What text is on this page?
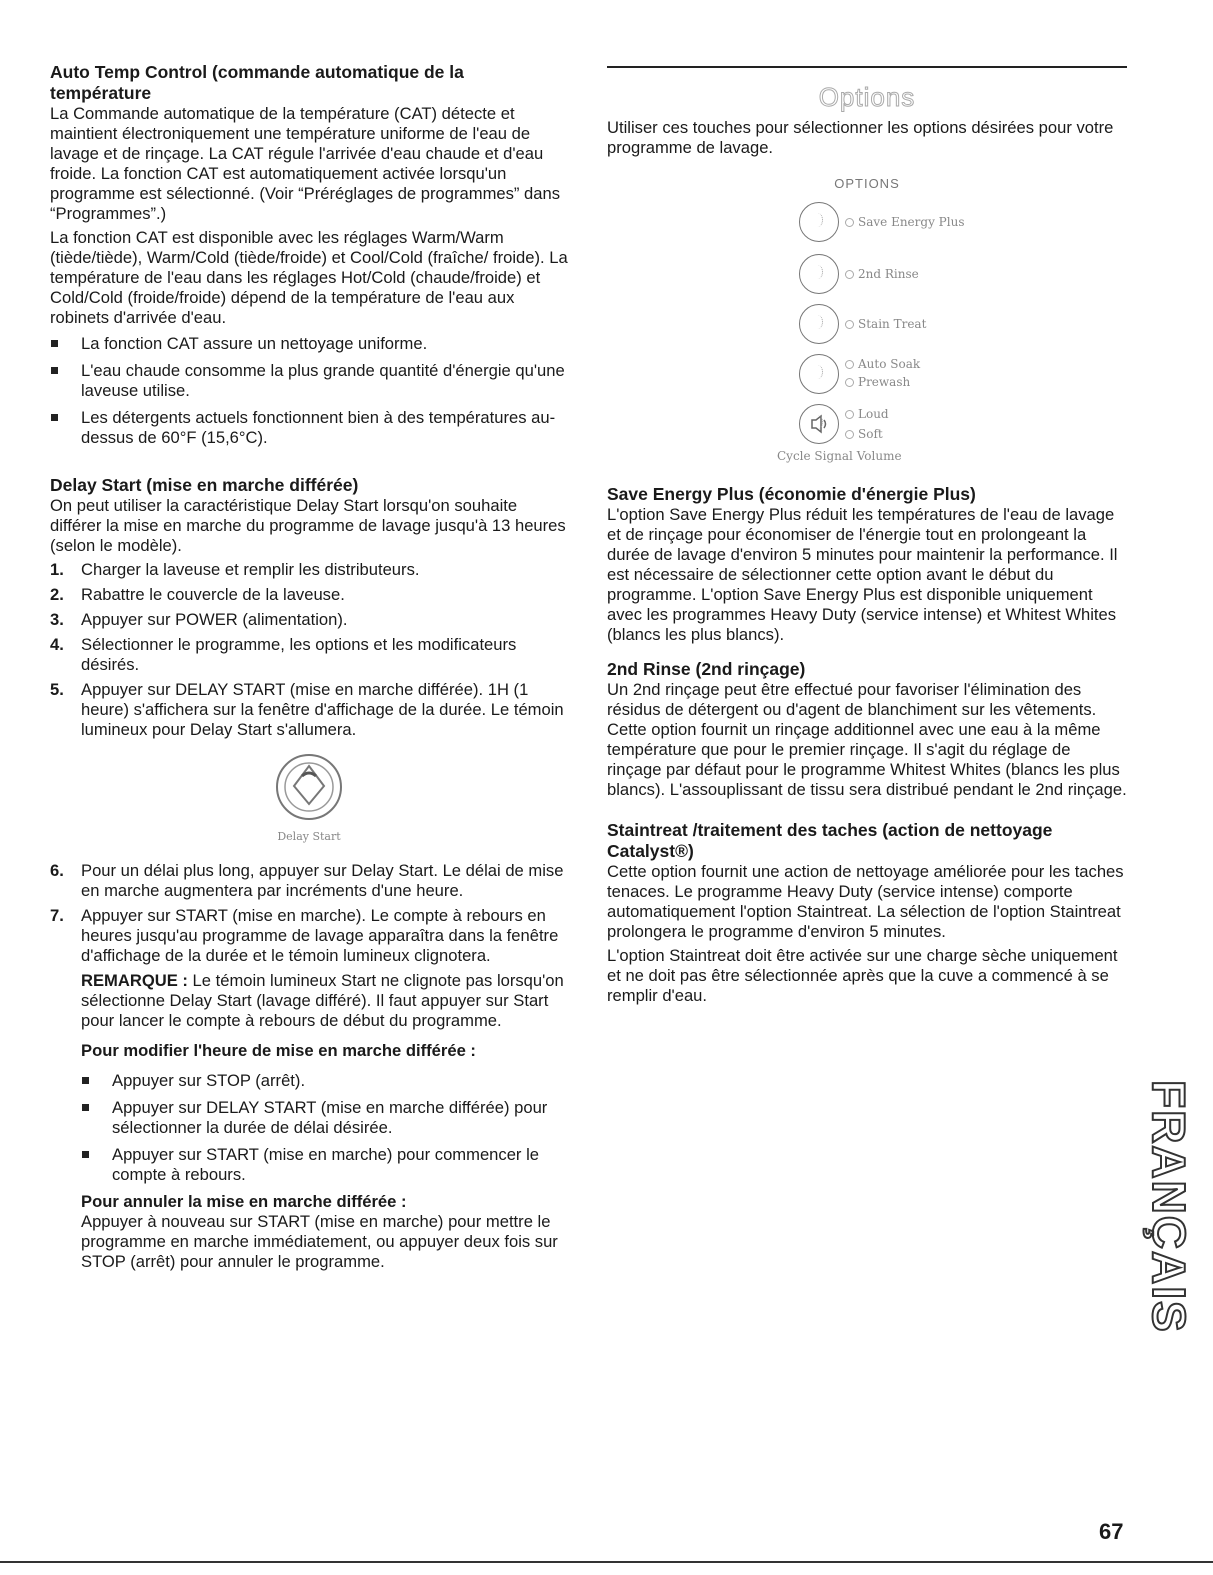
Auto Temp Control (commande automatique de la température

La Commande automatique de la température (CAT) détecte et maintient électroniquement une température uniforme de l'eau de lavage et de rinçage. La CAT régule l'arrivée d'eau chaude et d'eau froide. La fonction CAT est automatiquement activée lorsqu'un programme est sélectionné. (Voir “Préréglages de programmes” dans “Programmes”.)

La fonction CAT est disponible avec les réglages Warm/Warm (tiède/tiède), Warm/Cold (tiède/froide) et Cool/Cold (fraîche/ froide). La température de l'eau dans les réglages Hot/Cold (chaude/froide) et Cold/Cold (froide/froide) dépend de la température de l'eau aux robinets d'arrivée d'eau.

La fonction CAT assure un nettoyage uniforme.
L'eau chaude consomme la plus grande quantité d'énergie qu'une laveuse utilise.
Les détergents actuels fonctionnent bien à des températures au-dessus de 60°F (15,6°C).
Delay Start (mise en marche différée)

On peut utiliser la caractéristique Delay Start lorsqu'on souhaite différer la mise en marche du programme de lavage jusqu'à 13 heures (selon le modèle).

1. Charger la laveuse et remplir les distributeurs.
2. Rabattre le couvercle de la laveuse.
3. Appuyer sur POWER (alimentation).
4. Sélectionner le programme, les options et les modificateurs désirés.
5. Appuyer sur DELAY START (mise en marche différée). 1H (1 heure) s'affichera sur la fenêtre d'affichage de la durée. Le témoin lumineux pour Delay Start s'allumera.
Delay Start
6. Pour un délai plus long, appuyer sur Delay Start. Le délai de mise en marche augmentera par incréments d'une heure.
7. Appuyer sur START (mise en marche). Le compte à rebours en heures jusqu'au programme de lavage apparaîtra dans la fenêtre d'affichage de la durée et le témoin lumineux clignotera.

REMARQUE : Le témoin lumineux Start ne clignote pas lorsqu'on sélectionne Delay Start (lavage différé). Il faut appuyer sur Start pour lancer le compte à rebours de début du programme.

Pour modifier l'heure de mise en marche différée :

Appuyer sur STOP (arrêt).
Appuyer sur DELAY START (mise en marche différée) pour sélectionner la durée de délai désirée.
Appuyer sur START (mise en marche) pour commencer le compte à rebours.

Pour annuler la mise en marche différée :

Appuyer à nouveau sur START (mise en marche) pour mettre le programme en marche immédiatement, ou appuyer deux fois sur STOP (arrêt) pour annuler le programme.

Options

Utiliser ces touches pour sélectionner les options désirées pour votre programme de lavage.

OPTIONS
Save Energy Plus
2nd Rinse
Stain Treat
Auto Soak
Prewash
Loud
Soft
Cycle Signal Volume
Save Energy Plus (économie d'énergie Plus)

L'option Save Energy Plus réduit les températures de l'eau de lavage et de rinçage pour économiser de l'énergie tout en prolongeant la durée de lavage d'environ 5 minutes pour maintenir la performance. Il est nécessaire de sélectionner cette option avant le début du programme. L'option Save Energy Plus est disponible uniquement avec les programmes Heavy Duty (service intense) et Whitest Whites (blancs les plus blancs).

2nd Rinse (2nd rinçage)

Un 2nd rinçage peut être effectué pour favoriser l'élimination des résidus de détergent ou d'agent de blanchiment sur les vêtements. Cette option fournit un rinçage additionnel avec une eau à la même température que pour le premier rinçage. Il s'agit du réglage de rinçage par défaut pour le programme Whitest Whites (blancs les plus blancs). L'assouplissant de tissu sera distribué pendant le 2nd rinçage.

Staintreat /traitement des taches (action de nettoyage Catalyst®)

Cette option fournit une action de nettoyage améliorée pour les taches tenaces. Le programme Heavy Duty (service intense) comporte automatiquement l'option Staintreat. La sélection de l'option Staintreat prolongera le programme d'environ 5 minutes.

L'option Staintreat doit être activée sur une charge sèche uniquement et ne doit pas être sélectionnée après que la cuve a commencé à se remplir d'eau.

FRANÇAIS
67
